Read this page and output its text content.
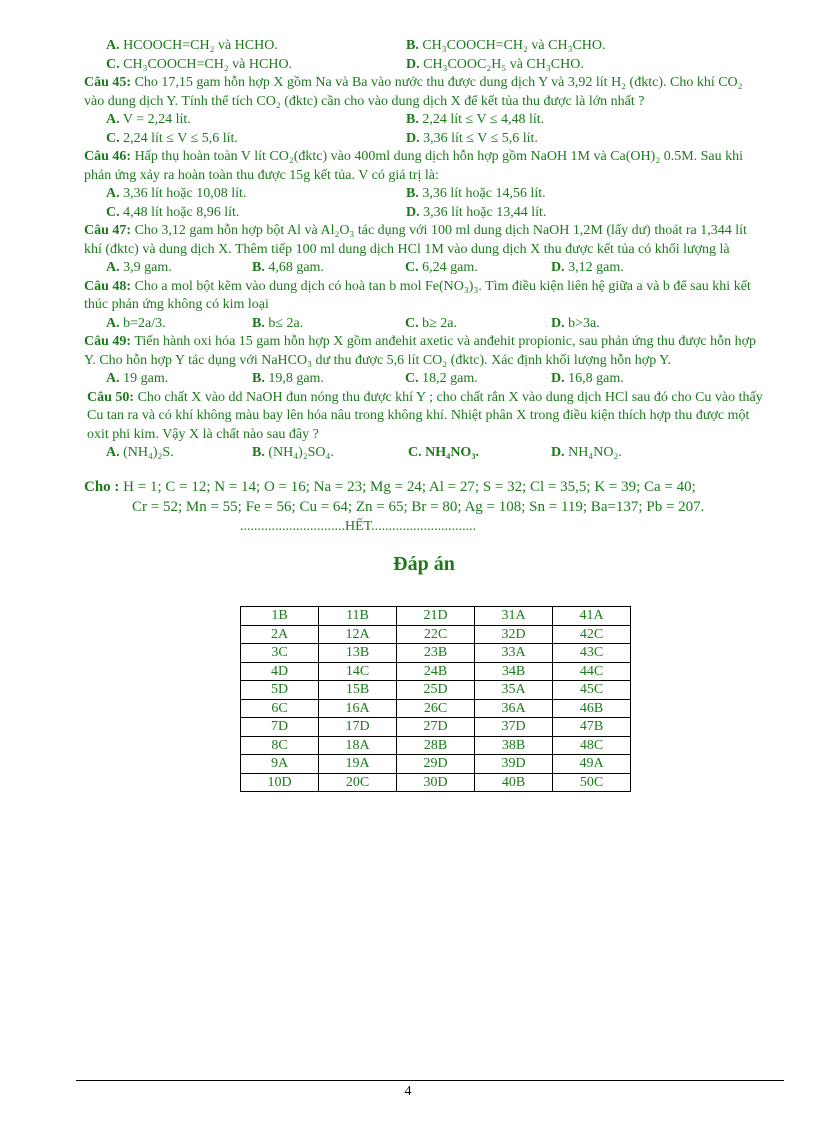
A. HCOOCH=CH₂ và HCHO.	B. CH₃COOCH=CH₂ và CH₃CHO.
C. CH₃COOCH=CH₂ và HCHO.	D. CH₃COOC₂H₅ và CH₃CHO.
Câu 45: Cho 17,15 gam hỗn hợp X gồm Na và Ba vào nước thu được dung dịch Y và 3,92 lít H₂ (đktc). Cho khí CO₂ vào dung dịch Y. Tính thể tích CO₂ (đktc) cần cho vào dung dịch X để kết tủa thu được là lớn nhất ?
A. V = 2,24 lít.	B. 2,24 lít ≤ V ≤ 4,48 lít.
C. 2,24 lít ≤ V ≤ 5,6 lít.	D. 3,36 lít ≤ V ≤ 5,6 lít.
Câu 46: Hấp thụ hoàn toàn V lít CO₂(đktc) vào 400ml dung dịch hỗn hợp gồm NaOH 1M và Ca(OH)₂ 0.5M. Sau khi phản ứng xảy ra hoàn toàn thu được 15g kết tủa. V có giá trị là:
A. 3,36 lít hoặc 10,08 lít.	B. 3,36 lít hoặc 14,56 lít.
C. 4,48 lít hoặc 8,96 lít.	D. 3,36 lít hoặc 13,44 lít.
Câu 47: Cho 3,12 gam hỗn hợp bột Al và Al₂O₃ tác dụng với 100 ml dung dịch NaOH 1,2M (lấy dư) thoát ra 1,344 lít khí (đktc) và dung dịch X. Thêm tiếp 100 ml dung dịch HCl 1M vào dung dịch X thu được kết tủa có khối lượng là
A. 3,9 gam.	B. 4,68 gam.	C. 6,24 gam.	D. 3,12 gam.
Câu 48: Cho a mol bột kẽm vào dung dịch có hoà tan b mol Fe(NO₃)₃. Tìm điều kiện liên hệ giữa a và b để sau khi kết thúc phản ứng không có kim loại
A. b=2a/3.	B. b≤ 2a.	C. b≥ 2a.	D. b>3a.
Câu 49: Tiến hành oxi hóa 15 gam hỗn hợp X gồm anđehit axetic và anđehit propionic, sau phản ứng thu được hỗn hợp Y. Cho hỗn hợp Y tác dụng với NaHCO₃ dư thu được 5,6 lít CO₂ (đktc). Xác định khối lượng hỗn hợp Y.
A. 19 gam.	B. 19,8 gam.	C. 18,2 gam.	D. 16,8 gam.
Câu 50: Cho chất X vào dd NaOH đun nóng thu được khí Y ; cho chất rắn X vào dung dịch HCl sau đó cho Cu vào thấy Cu tan ra và có khí không màu bay lên hóa nâu trong không khí. Nhiệt phân X trong điều kiện thích hợp thu được một oxit phi kim. Vậy X là chất nào sau đây ?
A. (NH₄)₂S.	B. (NH₄)₂SO₄.	C. NH₄NO₃.	D. NH₄NO₂.
Cho : H = 1; C = 12; N = 14; O = 16; Na = 23; Mg = 24; Al = 27; S = 32; Cl = 35,5; K = 39; Ca = 40;
Cr = 52; Mn = 55; Fe = 56; Cu = 64; Zn = 65; Br = 80; Ag = 108; Sn = 119; Ba=137; Pb = 207.
..............................HẾT..............................
Đáp án
1B	11B	21D	31A	41A
2A	12A	22C	32D	42C
3C	13B	23B	33A	43C
4D	14C	24B	34B	44C
5D	15B	25D	35A	45C
6C	16A	26C	36A	46B
7D	17D	27D	37D	47B
8C	18A	28B	38B	48C
9A	19A	29D	39D	49A
10D	20C	30D	40B	50C
4
